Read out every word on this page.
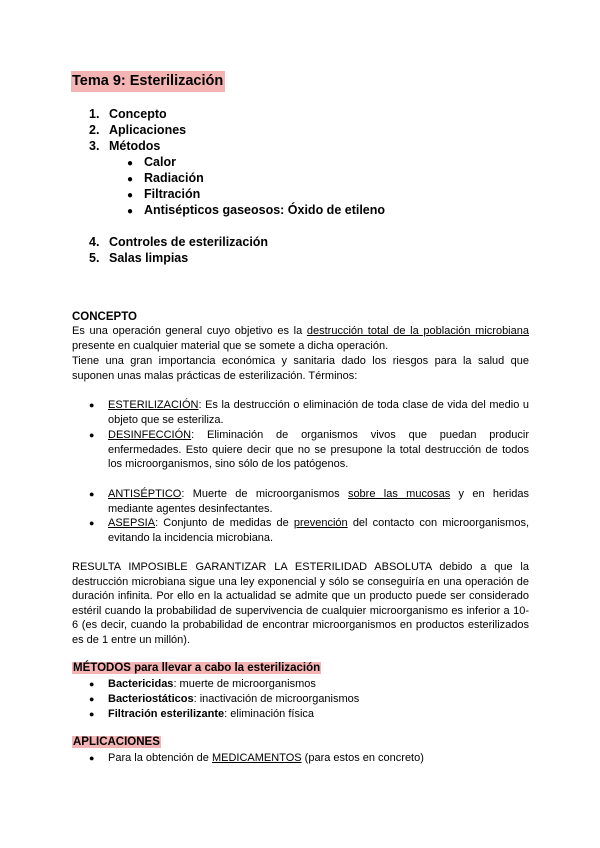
Tema 9: Esterilización
1. Concepto
2. Aplicaciones
3. Métodos
● Calor
● Radiación
● Filtración
● Antisépticos gaseosos: Óxido de etileno
4. Controles de esterilización
5. Salas limpias
CONCEPTO
Es una operación general cuyo objetivo es la destrucción total de la población microbiana presente en cualquier material que se somete a dicha operación.
Tiene una gran importancia económica y sanitaria dado los riesgos para la salud que suponen unas malas prácticas de esterilización. Términos:
● ESTERILIZACIÓN: Es la destrucción o eliminación de toda clase de vida del medio u objeto que se esteriliza.
● DESINFECCIÓN: Eliminación de organismos vivos que puedan producir enfermedades. Esto quiere decir que no se presupone la total destrucción de todos los microorganismos, sino sólo de los patógenos.
● ANTISÉPTICO: Muerte de microorganismos sobre las mucosas y en heridas mediante agentes desinfectantes.
● ASEPSIA: Conjunto de medidas de prevención del contacto con microorganismos, evitando la incidencia microbiana.
RESULTA IMPOSIBLE GARANTIZAR LA ESTERILIDAD ABSOLUTA debido a que la destrucción microbiana sigue una ley exponencial y sólo se conseguiría en una operación de duración infinita. Por ello en la actualidad se admite que un producto puede ser considerado estéril cuando la probabilidad de supervivencia de cualquier microorganismo es inferior a 10-6 (es decir, cuando la probabilidad de encontrar microorganismos en productos esterilizados es de 1 entre un millón).
MÉTODOS para llevar a cabo la esterilización
● Bactericidas: muerte de microorganismos
● Bacteriostáticos: inactivación de microorganismos
● Filtración esterilizante: eliminación física
APLICACIONES
● Para la obtención de MEDICAMENTOS (para estos en concreto)
